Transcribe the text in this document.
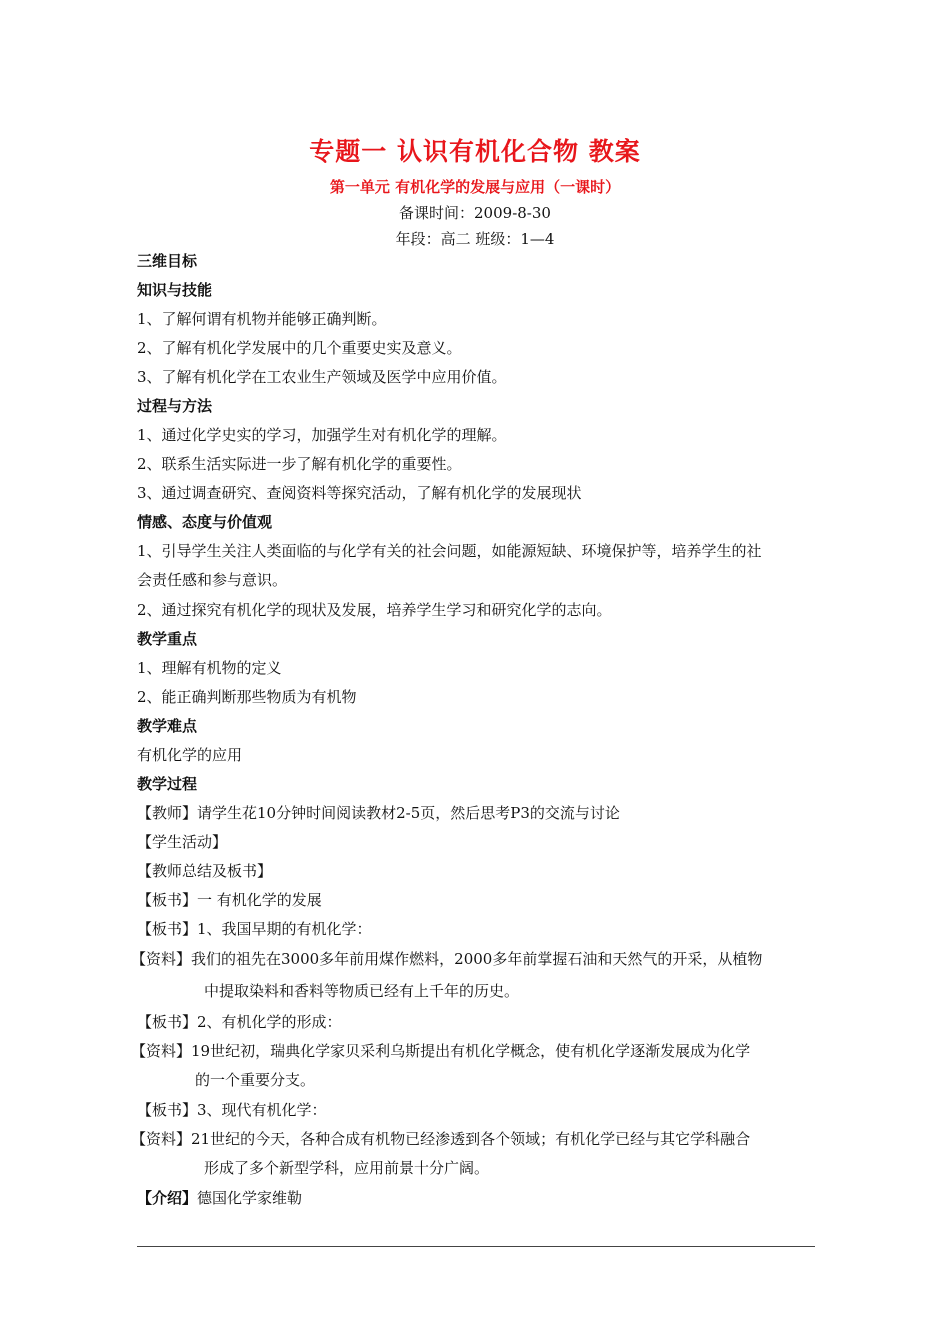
专题一 认识有机化合物 教案
第一单元 有机化学的发展与应用（一课时）
备课时间：2009-8-30
年段：高二 班级：1—4
三维目标
知识与技能
1、了解何谓有机物并能够正确判断。
2、了解有机化学发展中的几个重要史实及意义。
3、了解有机化学在工农业生产领域及医学中应用价值。
过程与方法
1、通过化学史实的学习，加强学生对有机化学的理解。
2、联系生活实际进一步了解有机化学的重要性。
3、通过调查研究、查阅资料等探究活动，了解有机化学的发展现状
情感、态度与价值观
1、引导学生关注人类面临的与化学有关的社会问题，如能源短缺、环境保护等，培养学生的社
会责任感和参与意识。
2、通过探究有机化学的现状及发展，培养学生学习和研究化学的志向。
教学重点
1、理解有机物的定义
2、能正确判断那些物质为有机物
教学难点
有机化学的应用
教学过程
【教师】请学生花10分钟时间阅读教材2-5页，然后思考P3的交流与讨论
【学生活动】
【教师总结及板书】
【板书】一 有机化学的发展
【板书】1、我国早期的有机化学：
【资料】我们的祖先在3000多年前用煤作燃料，2000多年前掌握石油和天然气的开采，从植物
中提取染料和香料等物质已经有上千年的历史。
【板书】2、有机化学的形成：
【资料】19世纪初，瑞典化学家贝采利乌斯提出有机化学概念，使有机化学逐渐发展成为化学
的一个重要分支。
【板书】3、现代有机化学：
【资料】21世纪的今天，各种合成有机物已经渗透到各个领域；有机化学已经与其它学科融合
形成了多个新型学科，应用前景十分广阔。
【介绍】德国化学家维勒
